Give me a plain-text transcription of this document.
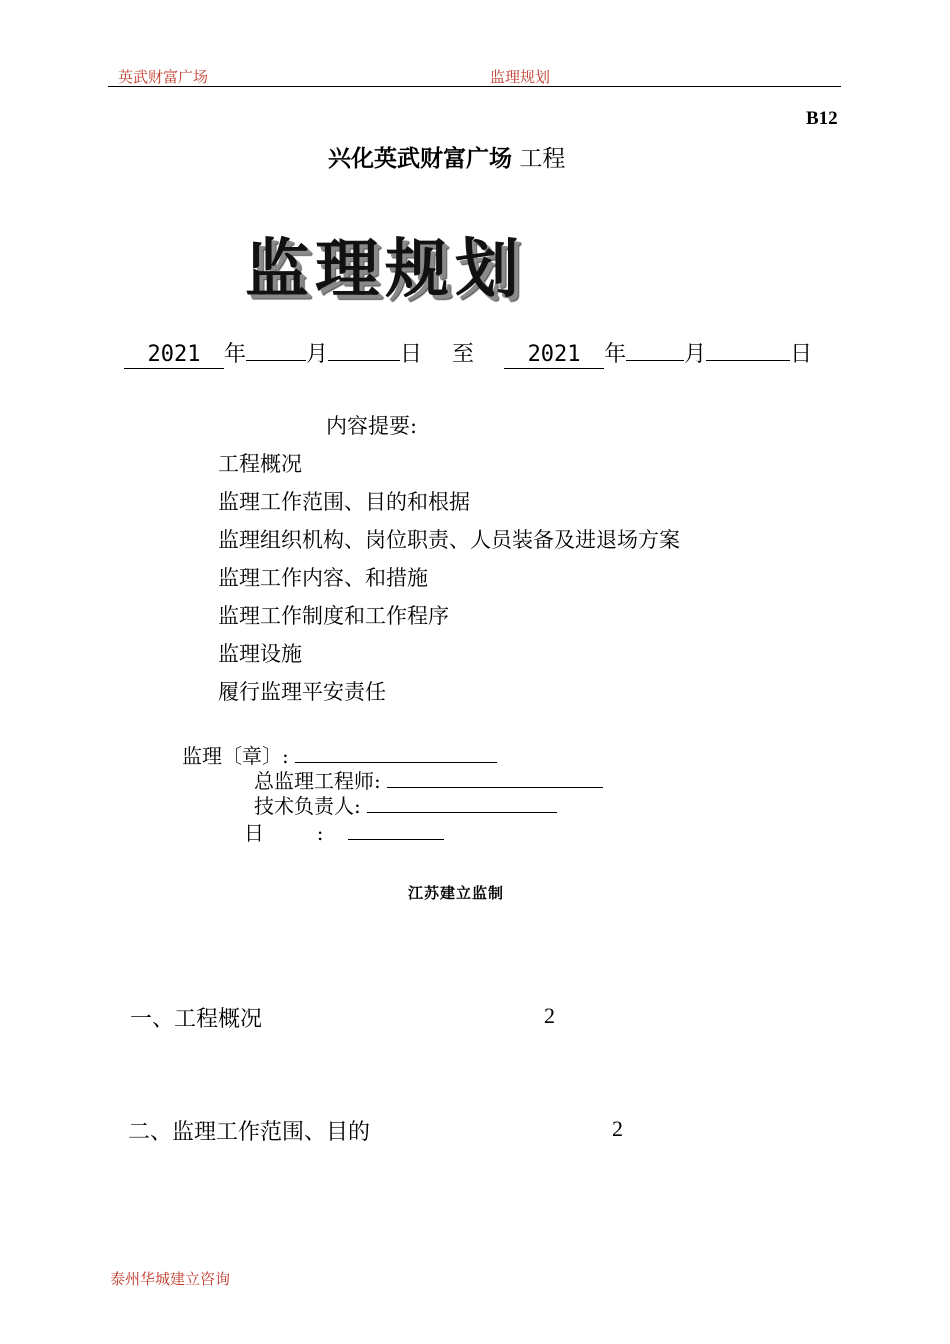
英武财富广场	监理规划
B12
兴化英武财富广场 工程
监理规划
2021 年	月	日 至 2021 年	月	日
内容提要:
工程概况
监理工作范围、目的和根据
监理组织机构、岗位职责、人员装备及进退场方案
监理工作内容、和措施
监理工作制度和工作程序
监理设施
履行监理平安责任
监理〔章〕:
总监理工程师:
技术负责人:
日	:
江苏建立监制
一、工程概况	2
二、监理工作范围、目的	2
泰州华城建立咨询
